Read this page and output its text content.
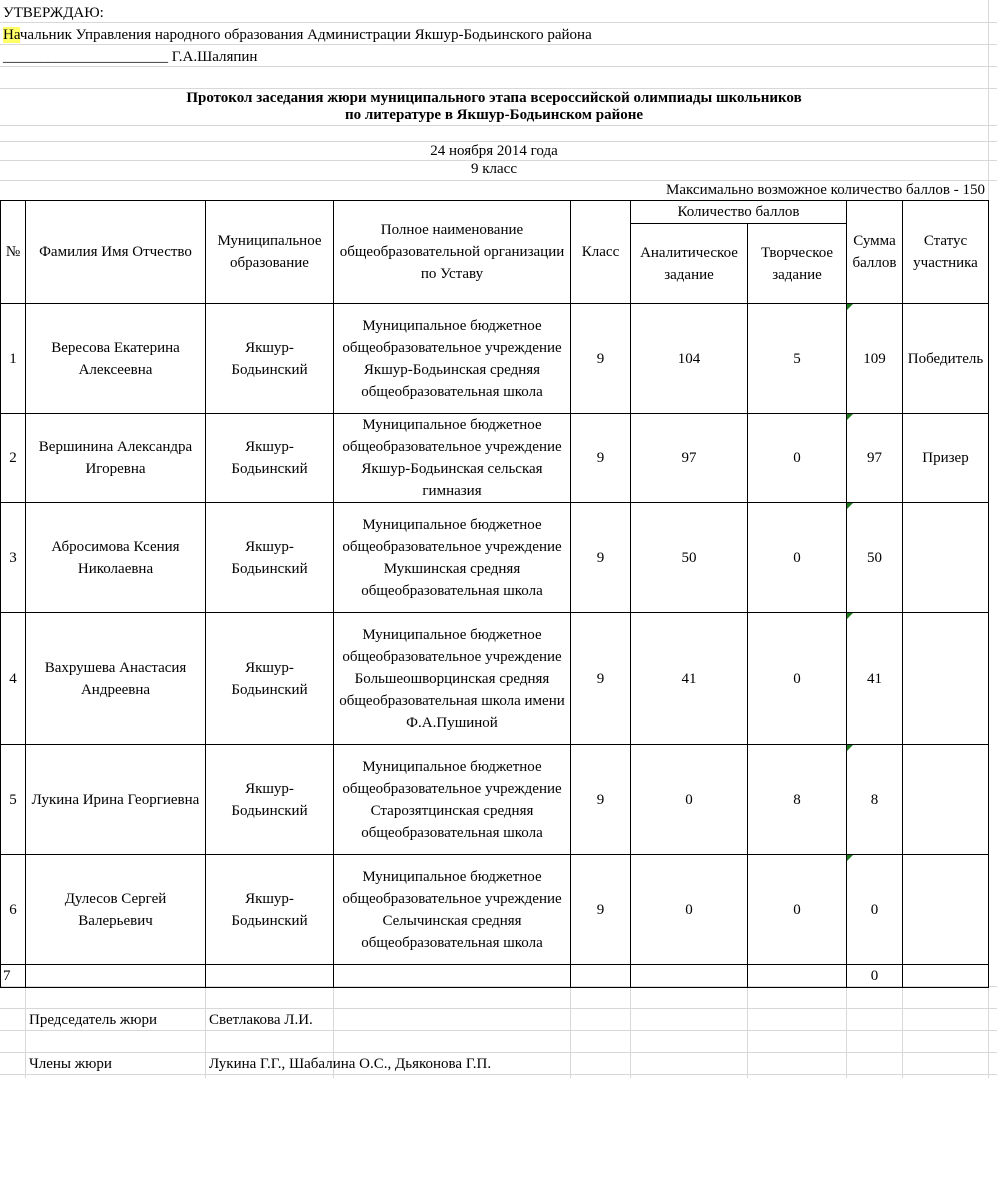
УТВЕРЖДАЮ:
Начальник Управления народного образования Администрации Якшур-Бодьинского района
______________________ Г.А.Шаляпин
Протокол заседания жюри муниципального этапа всероссийской олимпиады школьников
по литературе в Якшур-Бодьинском районе
24 ноября 2014 года
9 класс
Максимально возможное количество баллов - 150
№	Фамилия Имя Отчество	Муниципальное образование	Полное наименование общеобразовательной организации по Уставу	Класс	Количество баллов		Сумма баллов	Статус участника
					Аналитическое задание	Творческое задание		
1	Вересова Екатерина Алексеевна	Якшур-Бодьинский	Муниципальное бюджетное общеобразовательное учреждение Якшур-Бодьинская средняя общеобразовательная школа	9	104	5	109	Победитель
2	Вершинина Александра Игоревна	Якшур-Бодьинский	Муниципальное бюджетное общеобразовательное учреждение Якшур-Бодьинская сельская гимназия	9	97	0	97	Призер
3	Абросимова Ксения Николаевна	Якшур-Бодьинский	Муниципальное бюджетное общеобразовательное учреждение Мукшинская средняя общеобразовательная школа	9	50	0	50	
4	Вахрушева Анастасия Андреевна	Якшур-Бодьинский	Муниципальное бюджетное общеобразовательное учреждение Большеошворцинская средняя общеобразовательная школа имени Ф.А.Пушиной	9	41	0	41	
5	Лукина Ирина Георгиевна	Якшур-Бодьинский	Муниципальное бюджетное общеобразовательное учреждение Старозятцинская средняя общеобразовательная школа	9	0	8	8	
6	Дулесов Сергей Валерьевич	Якшур-Бодьинский	Муниципальное бюджетное общеобразовательное учреждение Селычинская средняя общеобразовательная школа	9	0	0	0	
7							0	
Председатель жюри	Светлакова Л.И.
Члены жюри	Лукина Г.Г., Шабалина О.С., Дьяконова Г.П.
